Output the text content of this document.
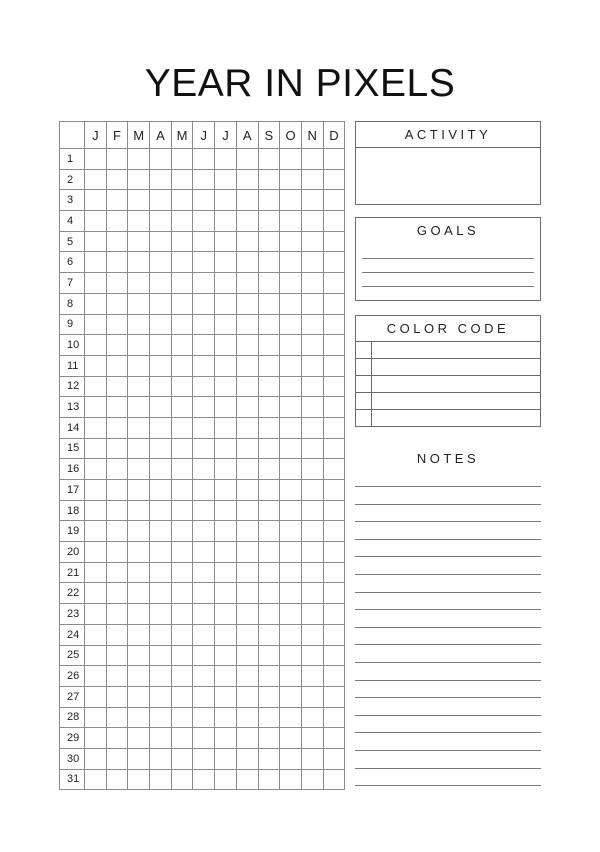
YEAR IN PIXELS
	J	F	M	A	M	J	J	A	S	O	N	D
1												
2												
3												
4												
5												
6												
7												
8												
9												
10												
11												
12												
13												
14												
15												
16												
17												
18												
19												
20												
21												
22												
23												
24												
25												
26												
27												
28												
29												
30												
31												
ACTIVITY
GOALS
COLOR CODE
NOTES
